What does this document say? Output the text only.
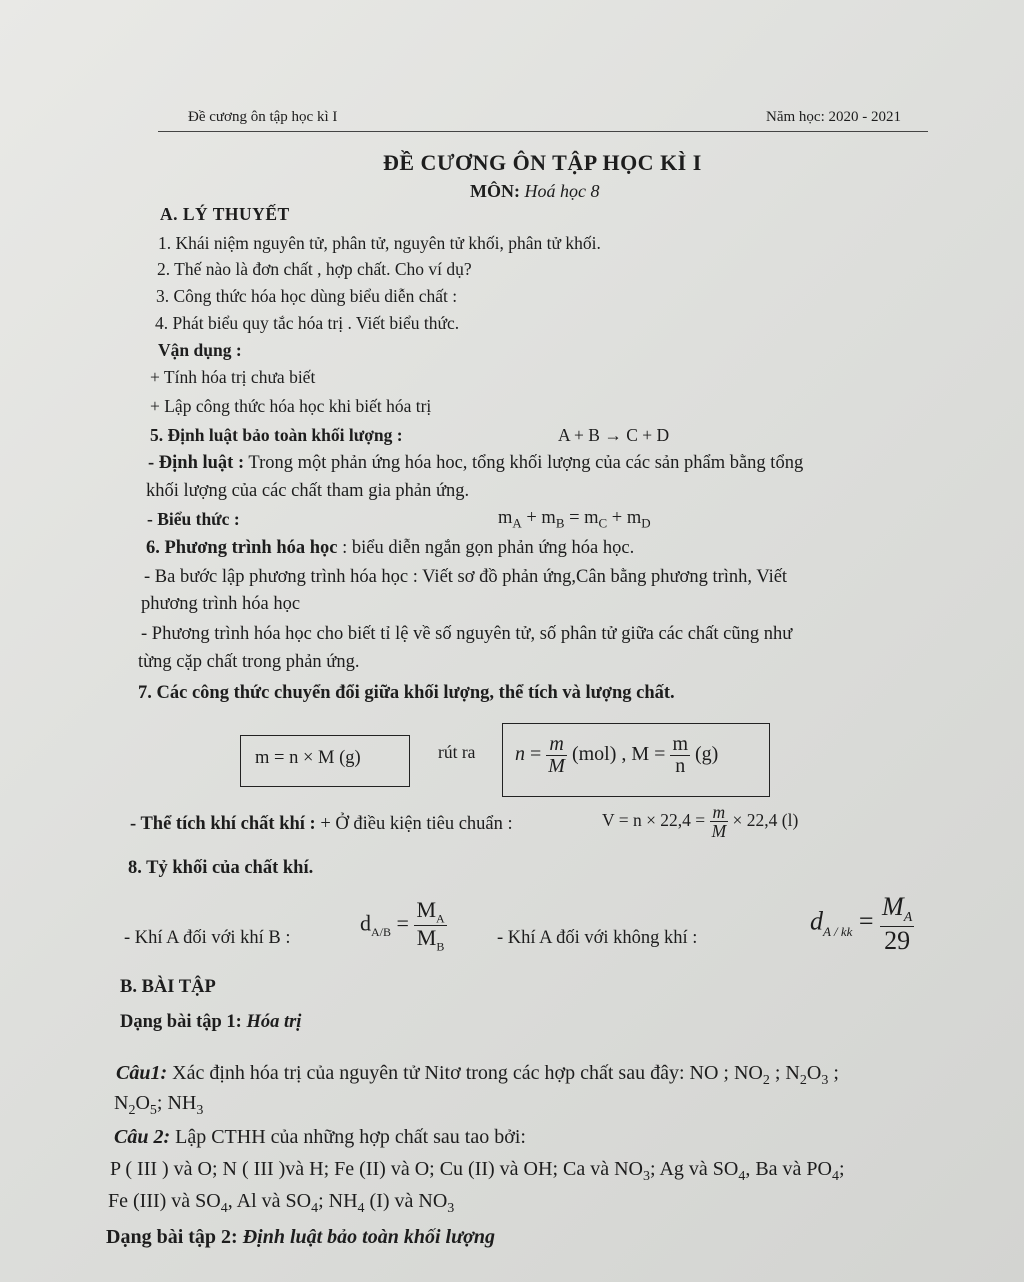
Đề cương ôn tập học kì I	Năm học: 2020 - 2021
ĐỀ CƯƠNG ÔN TẬP HỌC KÌ I
MÔN: Hoá học 8
A. LÝ THUYẾT
1. Khái niệm nguyên tử, phân tử, nguyên tử khối, phân tử khối.
2. Thế nào là đơn chất , hợp chất. Cho ví dụ?
3. Công thức hóa học dùng biểu diễn chất :
4. Phát biểu quy tắc hóa trị . Viết biểu thức.
Vận dụng :
+ Tính hóa trị chưa biết
+ Lập công thức hóa học khi biết hóa trị
5. Định luật bảo toàn khối lượng :	A + B → C + D
- Định luật : Trong một phản ứng hóa hoc, tổng khối lượng của các sản phẩm bằng tổng
khối lượng của các chất tham gia phản ứng.
- Biểu thức :	$m_A + m_B = m_C + m_D$
6. Phương trình hóa học : biểu diễn ngắn gọn phản ứng hóa học.
- Ba bước lập phương trình hóa học : Viết sơ đồ phản ứng,Cân bằng phương trình, Viết
phương trình hóa học
- Phương trình hóa học cho biết tỉ lệ về số nguyên tử, số phân tử giữa các chất cũng như
từng cặp chất trong phản ứng.
7. Các công thức chuyển đổi giữa khối lượng, thể tích và lượng chất.
m = n × M (g)	rút ra $n = \frac{m}{M} (mol)$ , $M = \frac{m}{n} (g)$
- Thể tích khí chất khí : + Ở điều kiện tiêu chuẩn :	$V = n \times 22,4 = \frac{m}{M} \times 22,4$ (l)
8. Tỷ khối của chất khí.
- Khí A đối với khí B :
$d_{A/B} = \frac{M_A}{M_B}$	- Khí A đối với không khí :
$d_{A / kk} = \frac{M_A}{29}$
B. BÀI TẬP
Dạng bài tập 1: Hóa trị
Câu1: Xác định hóa trị của nguyên tử Nitơ trong các hợp chất sau đây: NO ; $NO_2$ ; $N_2O_3$ ;
$N_2O_5$; $NH_3$
Câu 2: Lập CTHH của những hợp chất sau tao bởi:
P ( III ) và O; N ( III )và H; Fe (II) và O; Cu (II) và OH; Ca và $NO_3$; Ag và $SO_4$, Ba và $PO_4$;
Fe (III) và $SO_4$, Al và $SO_4$; $NH_4$ (I) và $NO_3$
Dạng bài tập 2: Định luật bảo toàn khối lượng
